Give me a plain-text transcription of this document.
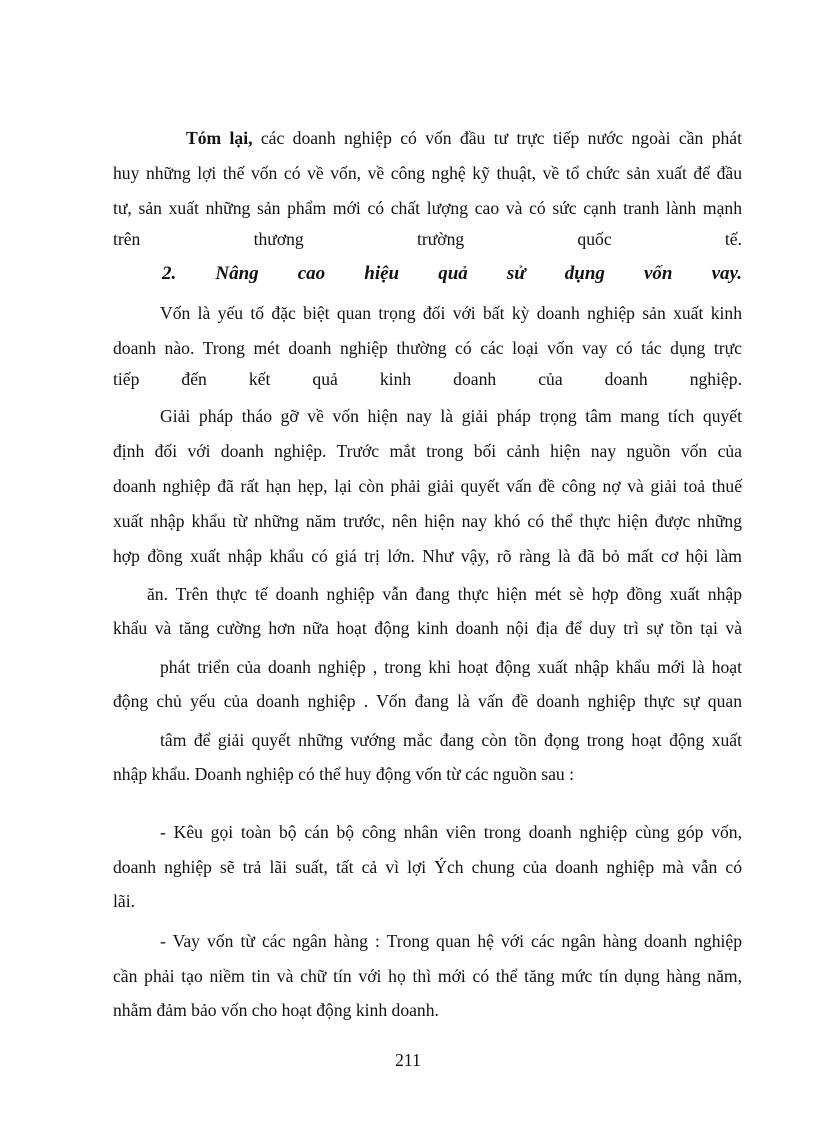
Tóm lại, các doanh nghiệp có vốn đầu tư trực tiếp nước ngoài cần phát
huy những lợi thế vốn có về vốn, về công nghệ kỹ thuật, về tổ chức sản xuất để đầu
tư, sản xuất những sản phẩm mới có chất lượng cao và có sức cạnh tranh lành mạnh
trên thương trường quốc tế.
2. Nâng cao hiệu quả sử dụng vốn vay.
Vốn là yếu tố đặc biệt quan trọng đối với bất kỳ doanh nghiệp sản xuất kinh
doanh nào. Trong mét doanh nghiệp thường có các loại vốn vay có tác dụng trực
tiếp đến kết quả kinh doanh của doanh nghiệp.
Giải pháp tháo gỡ về vốn hiện nay là giải pháp trọng tâm mang tích quyết
định đối với doanh nghiệp. Trước mắt trong bối cảnh hiện nay nguồn vốn của
doanh nghiệp đã rất hạn hẹp, lại còn phải giải quyết vấn đề công nợ và giải toả thuế
xuất nhập khẩu từ những năm trước, nên hiện nay khó có thể thực hiện được những
hợp đồng xuất nhập khẩu có giá trị lớn. Như vậy, rõ ràng là đã bỏ mất cơ hội làm
ăn. Trên thực tế doanh nghiệp vẫn đang thực hiện mét sè hợp đồng xuất nhập
khẩu và tăng cường hơn nữa hoạt động kinh doanh nội địa để duy trì sự tồn tại và
phát triển của doanh nghiệp , trong khi hoạt động xuất nhập khẩu mới là hoạt
động chủ yếu của doanh nghiệp . Vốn đang là vấn đề doanh nghiệp thực sự quan
tâm để giải quyết những vướng mắc đang còn tồn đọng trong hoạt động xuất
nhập khẩu. Doanh nghiệp có thể huy động vốn từ các nguồn sau :
- Kêu gọi toàn bộ cán bộ công nhân viên trong doanh nghiệp cùng góp vốn,
doanh nghiệp sẽ trả lãi suất, tất cả vì lợi Ých chung của doanh nghiệp mà vẫn có
lãi.
- Vay vốn từ các ngân hàng : Trong quan hệ với các ngân hàng doanh nghiệp
cần phải tạo niềm tin và chữ tín với họ thì mới có thể tăng mức tín dụng hàng năm,
nhằm đảm bảo vốn cho hoạt động kinh doanh.
211
